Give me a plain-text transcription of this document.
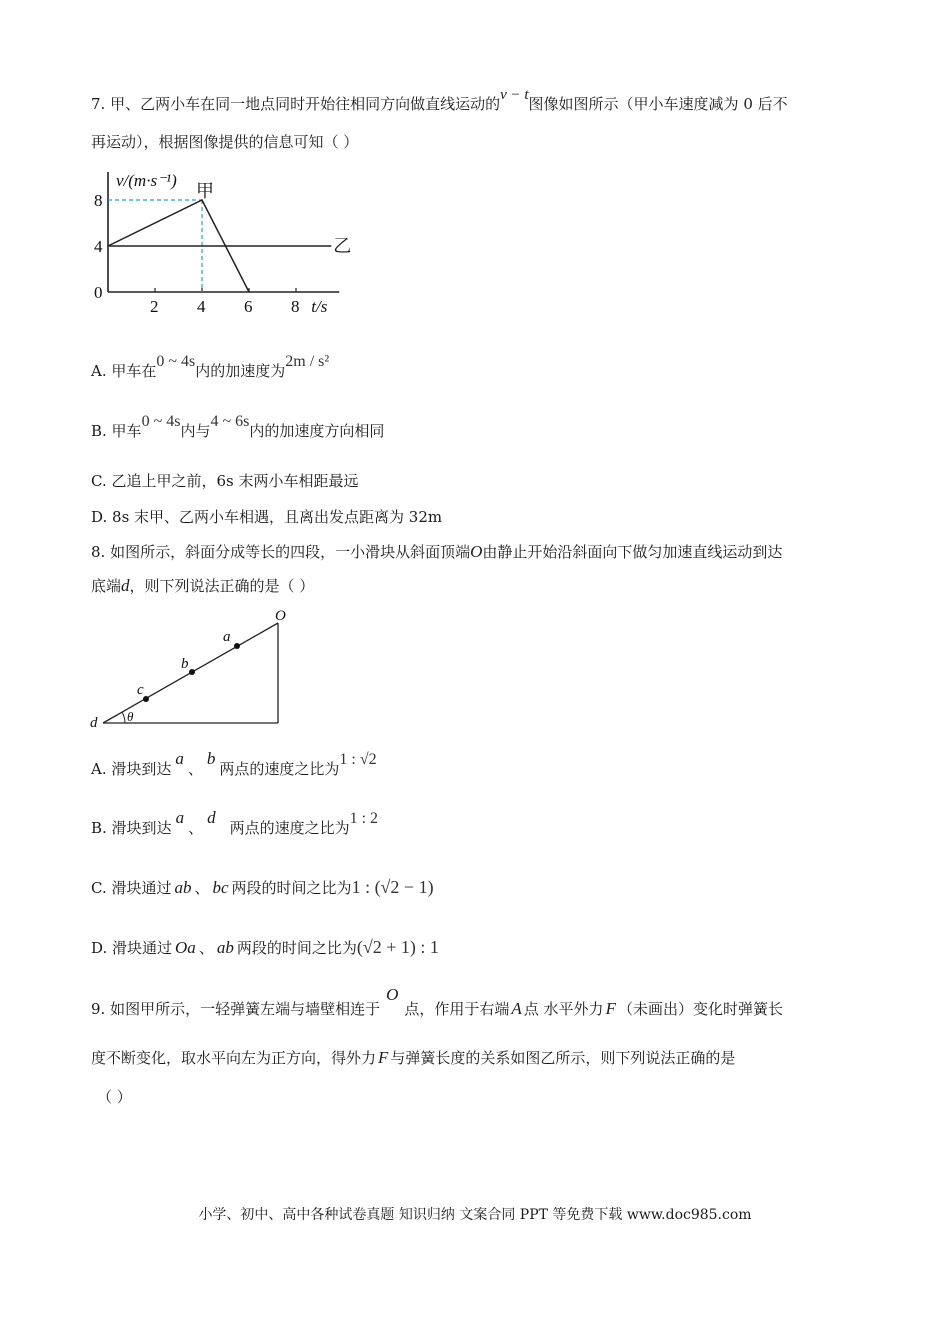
7. 甲、乙两小车在同一地点同时开始往相同方向做直线运动的v − t图像如图所示（甲小车速度减为 0 后不
再运动），根据图像提供的信息可知（ ）
8
4
0
2 4 6 8
v/(m·s⁻¹)
t/s
甲
乙
A. 甲车在0 ~ 4s内的加速度为2m / s²
B. 甲车0 ~ 4s内与4 ~ 6s内的加速度方向相同
C. 乙追上甲之前，6s 末两小车相距最远
D. 8s 末甲、乙两小车相遇，且离出发点距离为 32m
8. 如图所示，斜面分成等长的四段，一小滑块从斜面顶端O由静止开始沿斜面向下做匀加速直线运动到达
底端d，则下列说法正确的是（ ）
O
a
b
c
d θ
A. 滑块到达a、b两点的速度之比为1 : √2
B. 滑块到达a、d两点的速度之比为1 : 2
C. 滑块通过 ab 、 bc 两段的时间之比为1 : (√2 − 1)
D. 滑块通过 Oa 、 ab 两段的时间之比为(√2 + 1) : 1
9. 如图甲所示，一轻弹簧左端与墙壁相连于O点，作用于右端 A 点 水平外力 F （未画出）变化时弹簧长
度不断变化，取水平向左为正方向，得外力 F 与弹簧长度的关系如图乙所示，则下列说法正确的是
（ ）
小学、初中、高中各种试卷真题 知识归纳 文案合同 PPT 等免费下载 www.doc985.com
